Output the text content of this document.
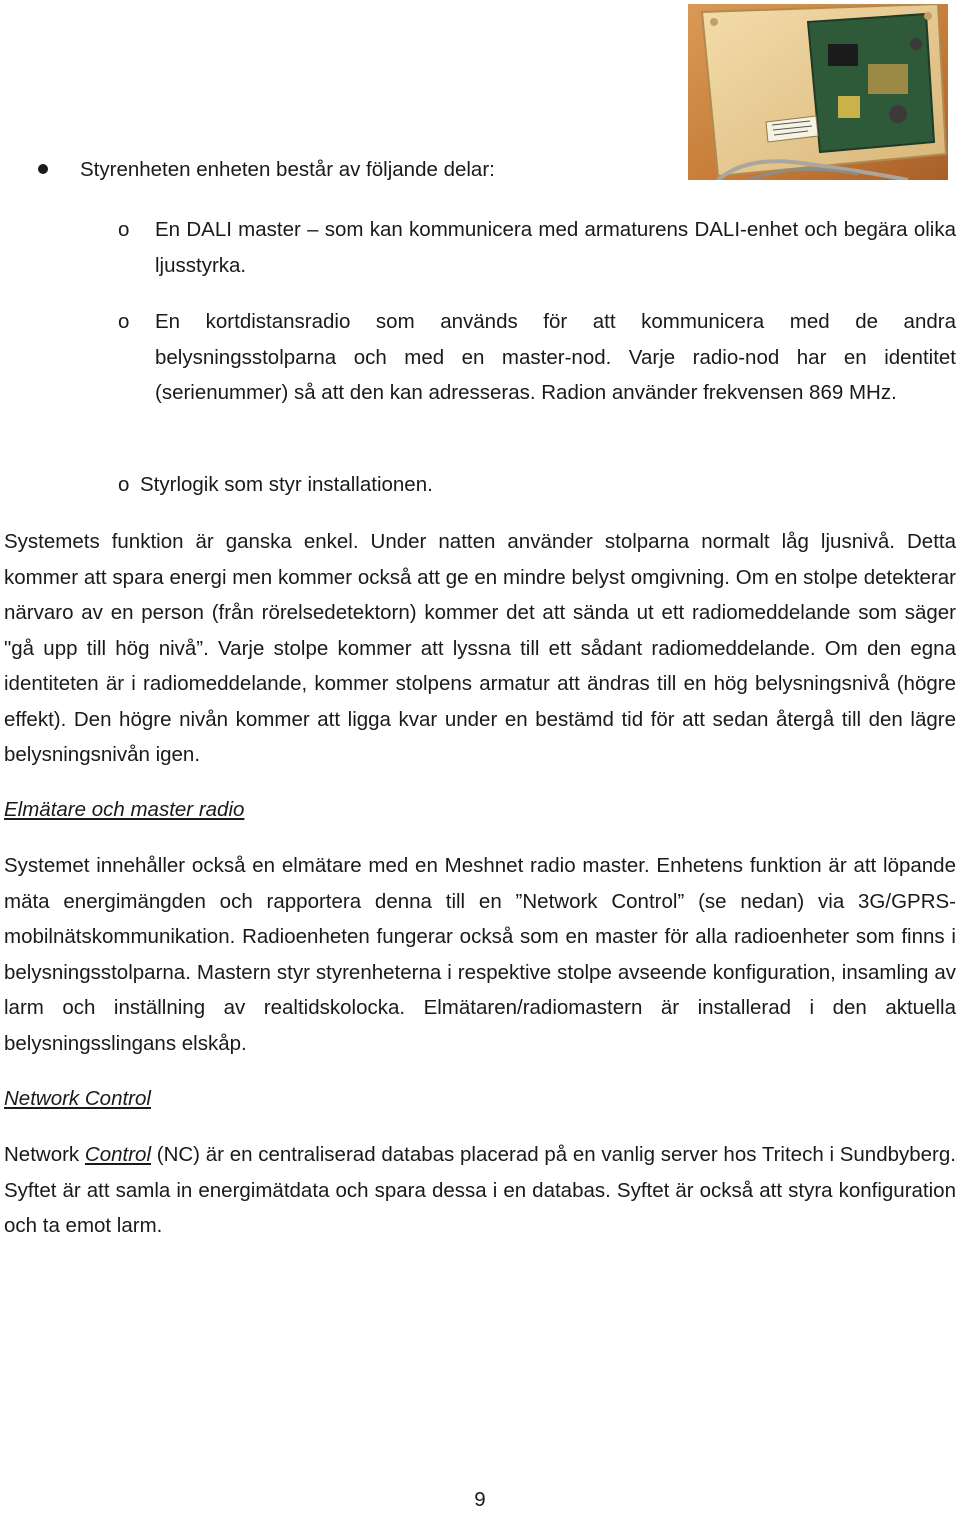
Styrenheten enheten består av följande delar:
o En DALI master – som kan kommunicera med armaturens DALI-enhet och begära olika ljusstyrka.
o En kortdistansradio som används för att kommunicera med de andra belysningsstolparna och med en master-nod. Varje radio-nod har en identitet (serienummer) så att den kan adresseras. Radion använder frekvensen 869 MHz.
o Styrlogik som styr installationen.
Systemets funktion är ganska enkel. Under natten använder stolparna normalt låg ljusnivå. Detta kommer att spara energi men kommer också att ge en mindre belyst omgivning. Om en stolpe detekterar närvaro av en person (från rörelsedetektorn) kommer det att sända ut ett radiomeddelande som säger "gå upp till hög nivå”. Varje stolpe kommer att lyssna till ett sådant radiomeddelande. Om den egna identiteten är i radiomeddelande, kommer stolpens armatur att ändras till en hög belysningsnivå (högre effekt). Den högre nivån kommer att ligga kvar under en bestämd tid för att sedan återgå till den lägre belysningsnivån igen.
Elmätare och master radio
Systemet innehåller också en elmätare med en Meshnet radio master. Enhetens funktion är att löpande mäta energimängden och rapportera denna till en ”Network Control” (se nedan) via 3G/GPRS- mobilnätskommunikation. Radioenheten fungerar också som en master för alla radioenheter som finns i belysningsstolparna. Mastern styr styrenheterna i respektive stolpe avseende konfiguration, insamling av larm och inställning av realtidskolocka. Elmätaren/radiomastern är installerad i den aktuella belysningsslingans elskåp.
Network Control
Network Control (NC) är en centraliserad databas placerad på en vanlig server hos Tritech i Sundbyberg. Syftet är att samla in energimätdata och spara dessa i en databas. Syftet är också att styra konfiguration och ta emot larm.
9
